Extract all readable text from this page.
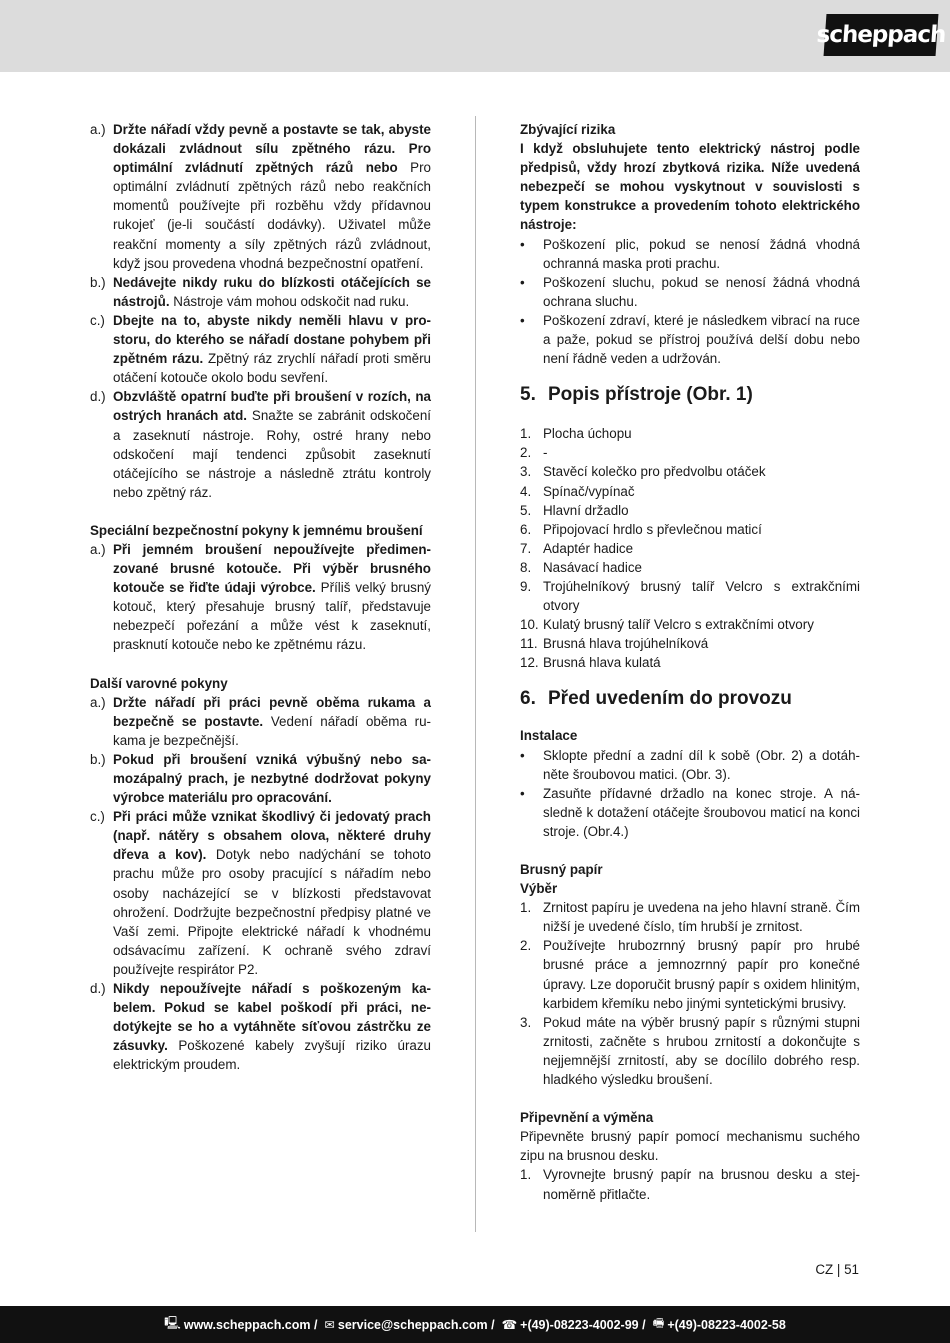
scheppach
a.) Držte nářadí vždy pevně a postavte se tak, abyste dokázali zvládnout sílu zpětného rázu. Pro optimální zvládnutí zpětných rázů nebo Pro optimální zvládnutí zpětných rázů nebo reakčních momentů používejte při rozběhu vždy přídavnou rukojeť (je-li součástí dodávky). Uživatel může reakční momenty a síly zpětných rázů zvládnout, když jsou provedena vhodná bezpečnostní opatření.
b.) Nedávejte nikdy ruku do blízkosti otáčejících se nástrojů. Nástroje vám mohou odskočit nad ruku.
c.) Dbejte na to, abyste nikdy neměli hlavu v prostoru, do kterého se nářadí dostane pohybem při zpětném rázu. Zpětný ráz zrychlí nářadí proti směru otáčení kotouče okolo bodu sevření.
d.) Obzvláště opatrní buďte při broušení v rozích, na ostrých hranách atd. Snažte se zabránit odskočení a zaseknutí nástroje. Rohy, ostré hrany nebo odskočení mají tendenci způsobit zaseknutí otáčejícího se nástroje a následně ztrátu kontroly nebo zpětný ráz.
Speciální bezpečnostní pokyny k jemnému broušení
a.) Při jemném broušení nepoužívejte předimenzované brusné kotouče. Při výběr brusného kotouče se řiďte údaji výrobce. Příliš velký brusný kotouč, který přesahuje brusný talíř, představuje nebezpečí pořezání a může vést k zaseknutí, prasknutí kotouče nebo ke zpětnému rázu.
Další varovné pokyny
a.) Držte nářadí při práci pevně oběma rukama a bezpečně se postavte. Vedení nářadí oběma rukama je bezpečnější.
b.) Pokud při broušení vzniká výbušný nebo samozápalný prach, je nezbytné dodržovat pokyny výrobce materiálu pro opracování.
c.) Při práci může vznikat škodlivý či jedovatý prach (např. nátěry s obsahem olova, některé druhy dřeva a kov). Dotyk nebo nadýchání se tohoto prachu může pro osoby pracující s nářadím nebo osoby nacházející se v blízkosti představovat ohrožení. Dodržujte bezpečnostní předpisy platné ve Vaší zemi. Připojte elektrické nářadí k vhodnému odsávacímu zařízení. K ochraně svého zdraví používejte respirátor P2.
d.) Nikdy nepoužívejte nářadí s poškozeným kabelem. Pokud se kabel poškodí při práci, nedotýkejte se ho a vytáhněte síťovou zástrčku ze zásuvky. Poškozené kabely zvyšují riziko úrazu elektrickým proudem.
Zbývající rizika
I když obsluhujete tento elektrický nástroj podle předpisů, vždy hrozí zbytková rizika. Níže uvedená nebezpečí se mohou vyskytnout v souvislosti s typem konstrukce a provedením tohoto elektrického nástroje:
•	Poškození plic, pokud se nenosí žádná vhodná ochranná maska proti prachu.
•	Poškození sluchu, pokud se nenosí žádná vhodná ochrana sluchu.
•	Poškození zdraví, které je následkem vibrací na ruce a paže, pokud se přístroj používá delší dobu nebo není řádně veden a udržován.
5. Popis přístroje (Obr. 1)
1. Plocha úchopu
2. -
3. Stavěcí kolečko pro předvolbu otáček
4. Spínač/vypínač
5. Hlavní držadlo
6. Připojovací hrdlo s převlečnou maticí
7. Adaptér hadice
8. Nasávací hadice
9. Trojúhelníkový brusný talíř Velcro s extrakčními otvory
10. Kulatý brusný talíř Velcro s extrakčními otvory
11. Brusná hlava trojúhelníková
12. Brusná hlava kulatá
6. Před uvedením do provozu
Instalace
•	Sklopte přední a zadní díl k sobě (Obr. 2) a dotáhněte šroubovou matici. (Obr. 3).
•	Zasuňte přídavné držadlo na konec stroje. A následně k dotažení otáčejte šroubovou maticí na konci stroje. (Obr.4.)
Brusný papír
Výběr
1. Zrnitost papíru je uvedena na jeho hlavní straně. Čím nižší je uvedené číslo, tím hrubší je zrnitost.
2. Používejte hrubozrnný brusný papír pro hrubé brusné práce a jemnozrnný papír pro konečné úpravy. Lze doporučit brusný papír s oxidem hlinitým, karbidem křemíku nebo jinými syntetickými brusivy.
3. Pokud máte na výběr brusný papír s různými stupni zrnitosti, začněte s hrubou zrnitostí a dokončujte s nejjemnější zrnitostí, aby se docílilo dobrého resp. hladkého výsledku broušení.
Připevnění a výměna
Připevněte brusný papír pomocí mechanismu suchého zipu na brusnou desku.
1. Vyrovnejte brusný papír na brusnou desku a stejnoměrně přitlačte.
CZ | 51
🖳 www.scheppach.com /
✉ service@scheppach.com /
☎ +(49)-08223-4002-99 /
🖷 +(49)-08223-4002-58
